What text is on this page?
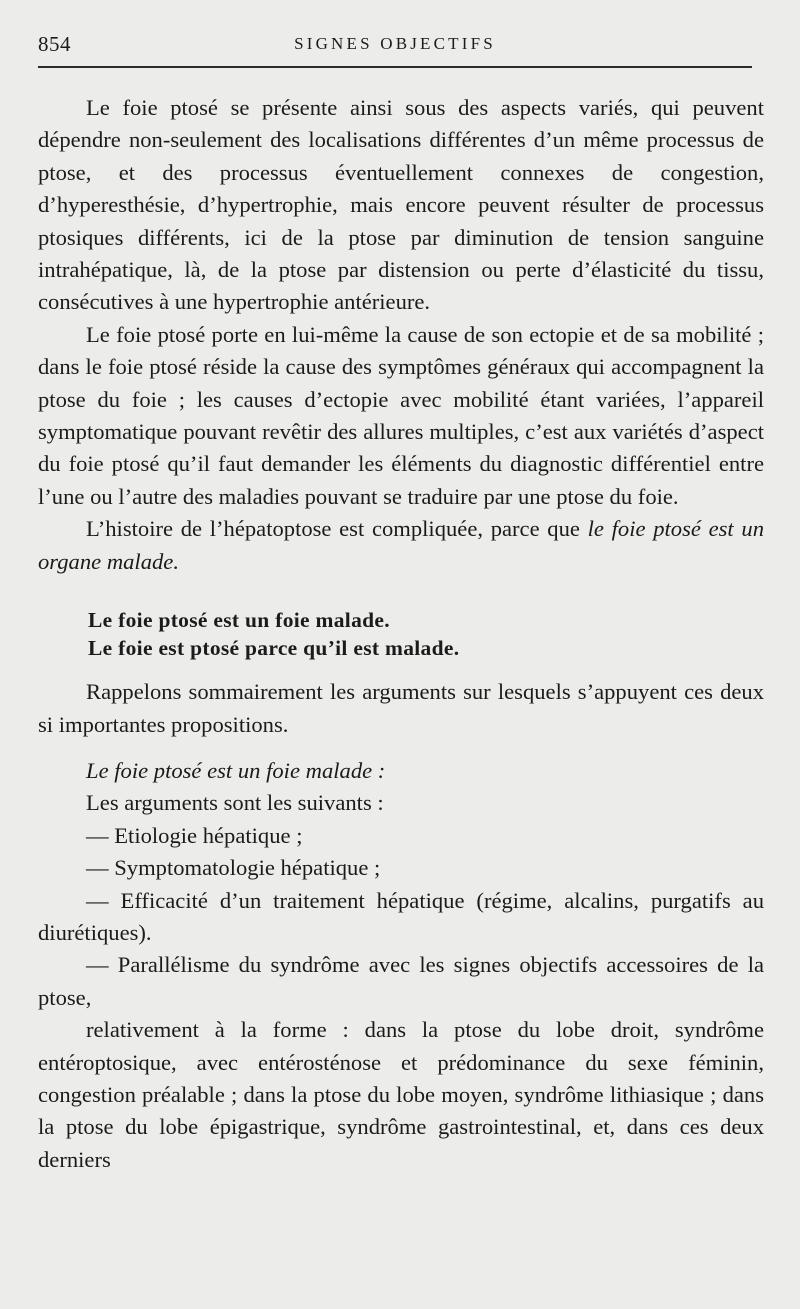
854	SIGNES OBJECTIFS

Le foie ptosé se présente ainsi sous des aspects variés, qui peuvent dépendre non-seulement des localisations différentes d’un même processus de ptose, et des processus éventuellement connexes de congestion, d’hyperesthésie, d’hypertrophie, mais encore peuvent résulter de processus ptosiques différents, ici de la ptose par diminution de tension sanguine intrahépatique, là, de la ptose par distension ou perte d’élasticité du tissu, consécutives à une hypertrophie antérieure.

Le foie ptosé porte en lui-même la cause de son ectopie et de sa mobilité ; dans le foie ptosé réside la cause des symptômes généraux qui accompagnent la ptose du foie ; les causes d’ectopie avec mobilité étant variées, l’appareil symptomatique pouvant revêtir des allures multiples, c’est aux variétés d’aspect du foie ptosé qu’il faut demander les éléments du diagnostic différentiel entre l’une ou l’autre des maladies pouvant se traduire par une ptose du foie.

L’histoire de l’hépatoptose est compliquée, parce que le foie ptosé est un organe malade.

Le foie ptosé est un foie malade.
Le foie est ptosé parce qu’il est malade.

Rappelons sommairement les arguments sur lesquels s’appuyent ces deux si importantes propositions.

Le foie ptosé est un foie malade :

Les arguments sont les suivants :

— Etiologie hépatique ;

— Symptomatologie hépatique ;

— Efficacité d’un traitement hépatique (régime, alcalins, purgatifs au diurétiques).

— Parallélisme du syndrôme avec les signes objectifs accessoires de la ptose,

relativement à la forme : dans la ptose du lobe droit, syndrôme entéroptosique, avec entérosténose et prédominance du sexe féminin, congestion préalable ; dans la ptose du lobe moyen, syndrôme lithiasique ; dans la ptose du lobe épigastrique, syndrôme gastrointestinal, et, dans ces deux derniers
